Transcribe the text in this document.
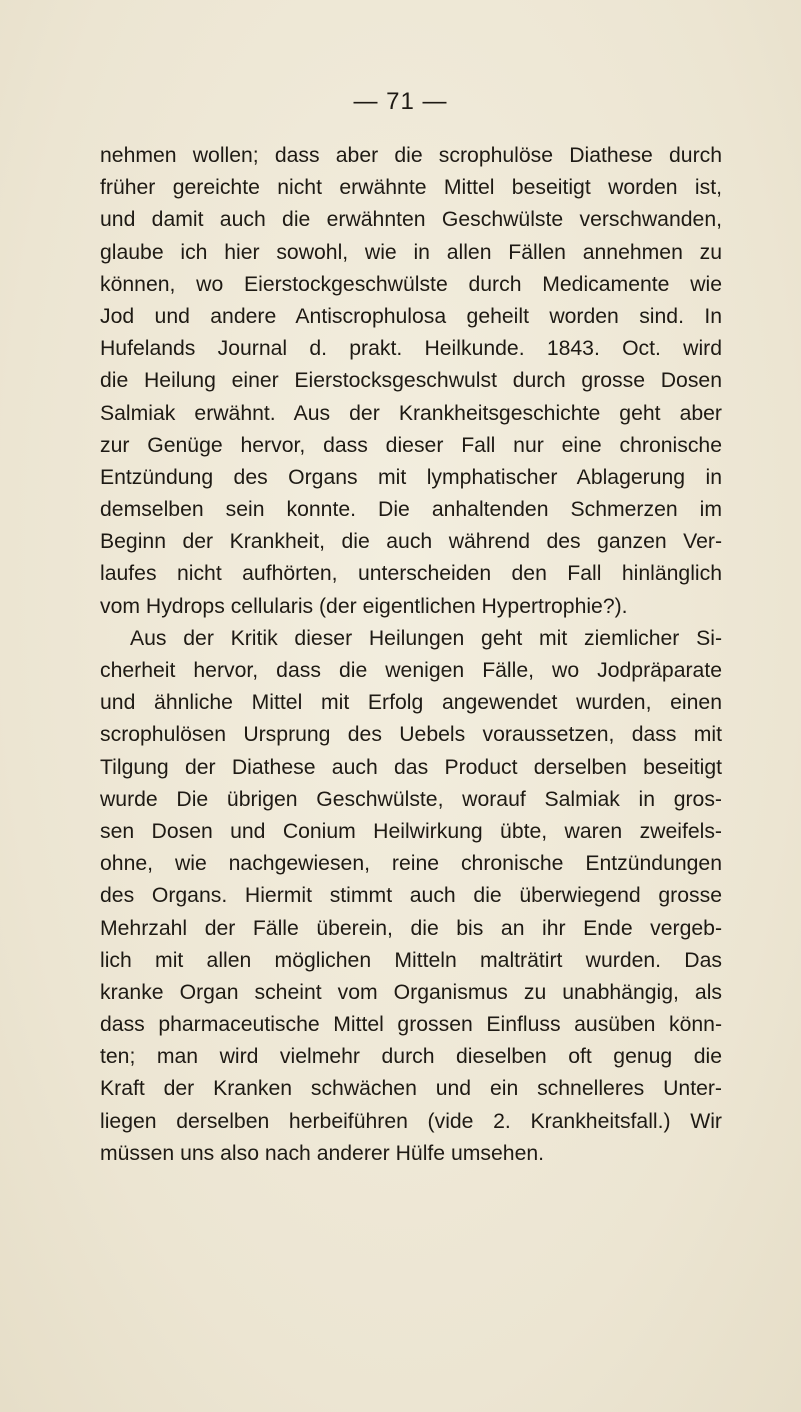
— 71 —
nehmen wollen; dass aber die scrophulöse Diathese durch
früher gereichte nicht erwähnte Mittel beseitigt worden ist,
und damit auch die erwähnten Geschwülste verschwanden,
glaube ich hier sowohl, wie in allen Fällen annehmen zu
können, wo Eierstockgeschwülste durch Medicamente wie
Jod und andere Antiscrophulosa geheilt worden sind. In
Hufelands Journal d. prakt. Heilkunde. 1843. Oct. wird
die Heilung einer Eierstocksgeschwulst durch grosse Dosen
Salmiak erwähnt. Aus der Krankheitsgeschichte geht aber
zur Genüge hervor, dass dieser Fall nur eine chronische
Entzündung des Organs mit lymphatischer Ablagerung in
demselben sein konnte. Die anhaltenden Schmerzen im
Beginn der Krankheit, die auch während des ganzen Ver-
laufes nicht aufhörten, unterscheiden den Fall hinlänglich
vom Hydrops cellularis (der eigentlichen Hypertrophie?).
Aus der Kritik dieser Heilungen geht mit ziemlicher Si-
cherheit hervor, dass die wenigen Fälle, wo Jodpräparate
und ähnliche Mittel mit Erfolg angewendet wurden, einen
scrophulösen Ursprung des Uebels voraussetzen, dass mit
Tilgung der Diathese auch das Product derselben beseitigt
wurde Die übrigen Geschwülste, worauf Salmiak in gros-
sen Dosen und Conium Heilwirkung übte, waren zweifels-
ohne, wie nachgewiesen, reine chronische Entzündungen
des Organs. Hiermit stimmt auch die überwiegend grosse
Mehrzahl der Fälle überein, die bis an ihr Ende vergeb-
lich mit allen möglichen Mitteln malträtirt wurden. Das
kranke Organ scheint vom Organismus zu unabhängig, als
dass pharmaceutische Mittel grossen Einfluss ausüben könn-
ten; man wird vielmehr durch dieselben oft genug die
Kraft der Kranken schwächen und ein schnelleres Unter-
liegen derselben herbeiführen (vide 2. Krankheitsfall.) Wir
müssen uns also nach anderer Hülfe umsehen.
